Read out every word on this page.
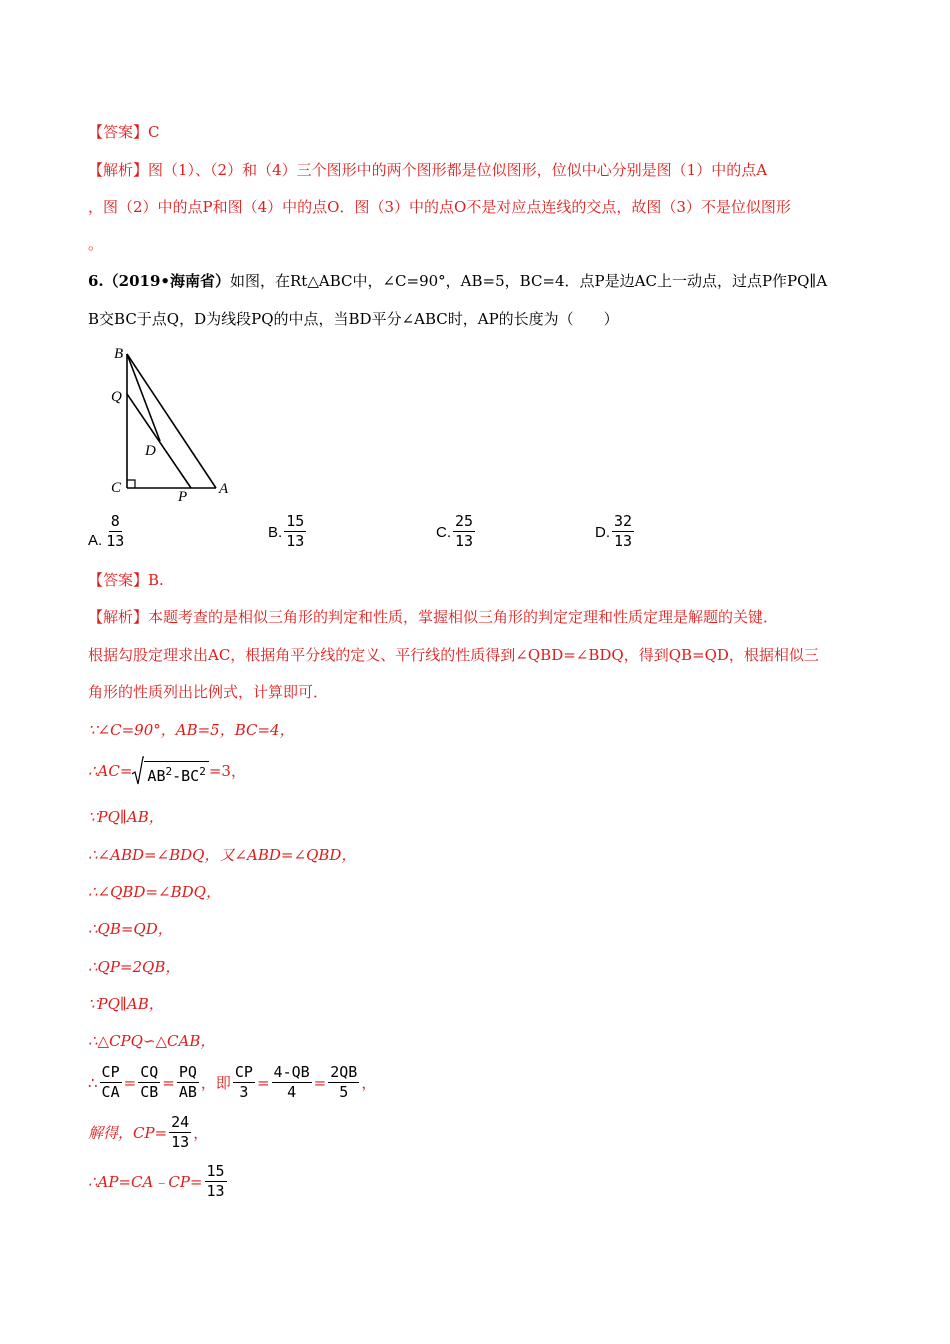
【答案】C
【解析】图（1）、（2）和（4）三个图形中的两个图形都是位似图形，位似中心分别是图（1）中的点A
，图（2）中的点P和图（4）中的点O．图（3）中的点O不是对应点连线的交点，故图（3）不是位似图形
。
6.（2019•海南省）如图，在Rt△ABC中，∠C=90°，AB=5，BC=4．点P是边AC上一动点，过点P作PQ∥A
B交BC于点Q，D为线段PQ的中点，当BD平分∠ABC时，AP的长度为（　　）
B
Q
D
C
P A
A. $\frac{8}{13}$	B. $\frac{15}{13}$	C. $\frac{25}{13}$	D. $\frac{32}{13}$
【答案】B.
【解析】本题考查的是相似三角形的判定和性质，掌握相似三角形的判定定理和性质定理是解题的关键．
根据勾股定理求出AC，根据角平分线的定义、平行线的性质得到∠QBD=∠BDQ，得到QB=QD，根据相似三
角形的性质列出比例式，计算即可．
∵∠C=90°，AB=5，BC=4，
∴AC= $AB^2-BC^2 =3$，
∵PQ∥AB，
∴∠ABD=∠BDQ，又∠ABD=∠QBD，
∴∠QBD=∠BDQ，
∴QB=QD，
∴QP=2QB，
∵PQ∥AB，
∴△CPQ∽△CAB，
∴ $\frac{CP}{CA} = \frac{CQ}{CB} = \frac{PQ}{AB}$ ，即 $\frac{CP}{3} = \frac{4-QB}{4} = \frac{2QB}{5}$ ，
解得，$CP= \frac{24}{13}$ ，
∴AP=CA﹣CP= $\frac{15}{13}$
